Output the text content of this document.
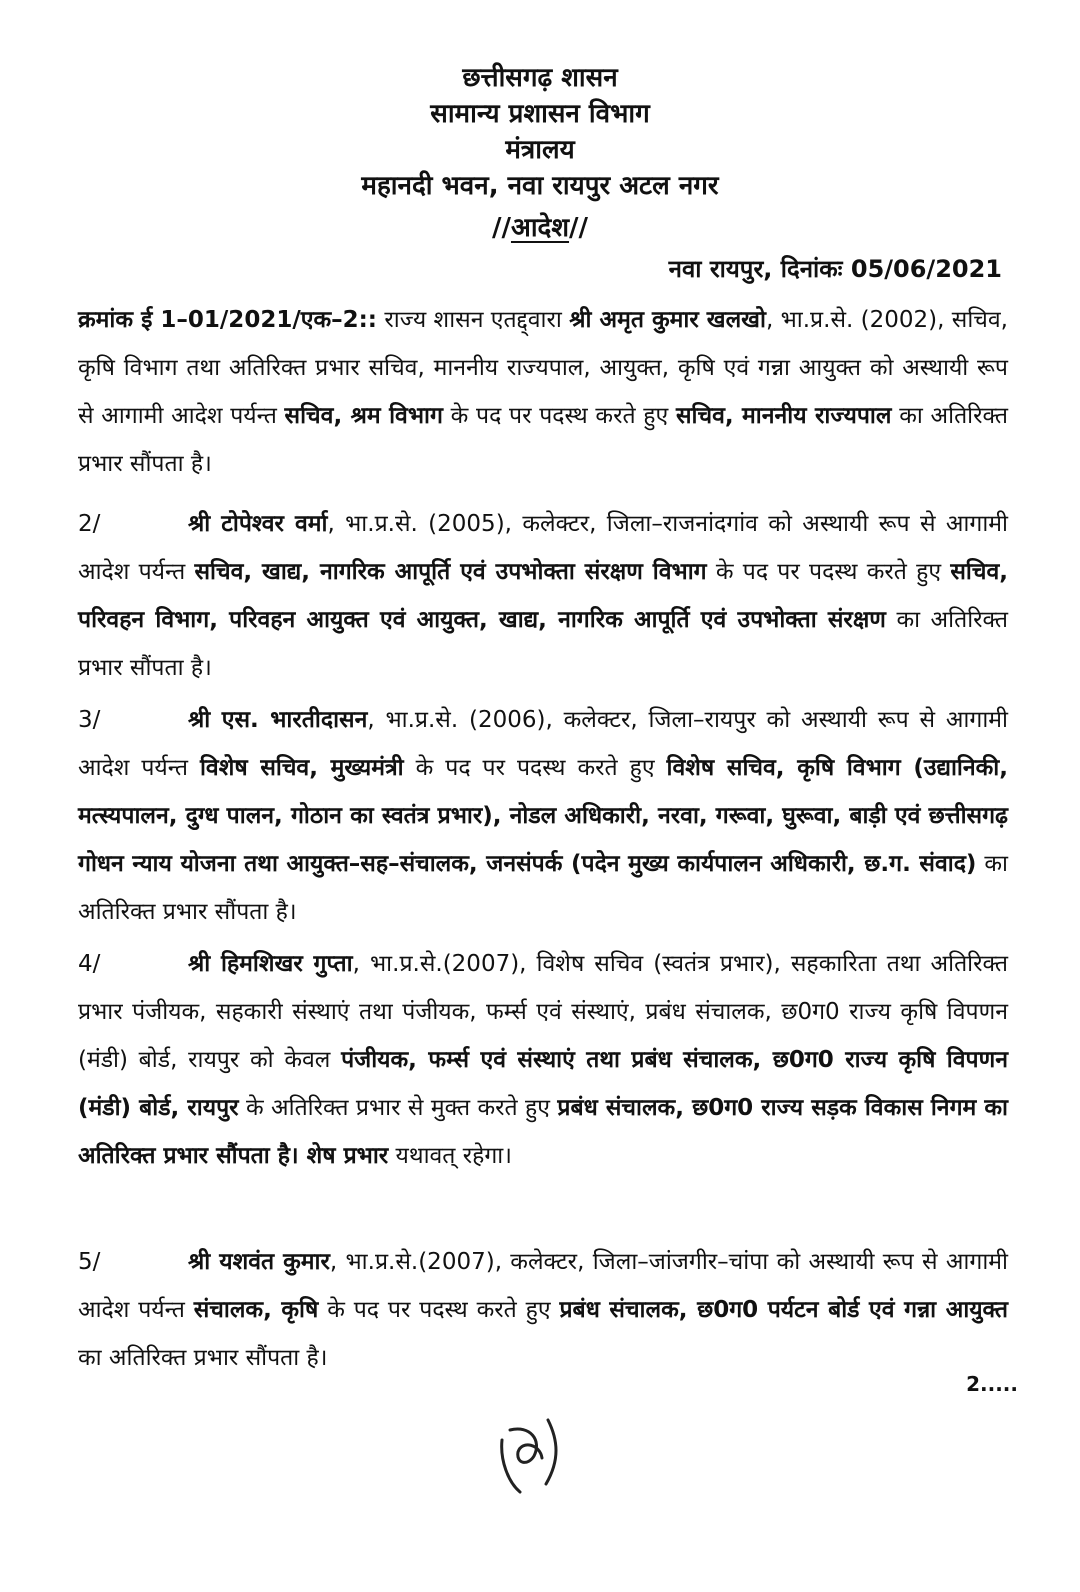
छत्तीसगढ़ शासन
सामान्य प्रशासन विभाग
मंत्रालय
महानदी भवन, नवा रायपुर अटल नगर
//आदेश//
नवा रायपुर, दिनांकः 05/06/2021

क्रमांक ई 1–01/2021/एक–2:: राज्य शासन एतद्द्वारा श्री अमृत कुमार खलखो, भा.प्र.से. (2002), सचिव, कृषि विभाग तथा अतिरिक्त प्रभार सचिव, माननीय राज्यपाल, आयुक्त, कृषि एवं गन्ना आयुक्त को अस्थायी रूप से आगामी आदेश पर्यन्त सचिव, श्रम विभाग के पद पर पदस्थ करते हुए सचिव, माननीय राज्यपाल का अतिरिक्त प्रभार सौंपता है।

2/	श्री टोपेश्वर वर्मा, भा.प्र.से. (2005), कलेक्टर, जिला–राजनांदगांव को अस्थायी रूप से आगामी आदेश पर्यन्त सचिव, खाद्य, नागरिक आपूर्ति एवं उपभोक्ता संरक्षण विभाग के पद पर पदस्थ करते हुए सचिव, परिवहन विभाग, परिवहन आयुक्त एवं आयुक्त, खाद्य, नागरिक आपूर्ति एवं उपभोक्ता संरक्षण का अतिरिक्त प्रभार सौंपता है।

3/	श्री एस. भारतीदासन, भा.प्र.से. (2006), कलेक्टर, जिला–रायपुर को अस्थायी रूप से आगामी आदेश पर्यन्त विशेष सचिव, मुख्यमंत्री के पद पर पदस्थ करते हुए विशेष सचिव, कृषि विभाग (उद्यानिकी, मत्स्यपालन, दुग्ध पालन, गोठान का स्वतंत्र प्रभार), नोडल अधिकारी, नरवा, गरूवा, घुरूवा, बाड़ी एवं छत्तीसगढ़ गोधन न्याय योजना तथा आयुक्त–सह–संचालक, जनसंपर्क (पदेन मुख्य कार्यपालन अधिकारी, छ.ग. संवाद) का अतिरिक्त प्रभार सौंपता है।

4/	श्री हिमशिखर गुप्ता, भा.प्र.से.(2007), विशेष सचिव (स्वतंत्र प्रभार), सहकारिता तथा अतिरिक्त प्रभार पंजीयक, सहकारी संस्थाएं तथा पंजीयक, फर्म्स एवं संस्थाएं, प्रबंध संचालक, छ0ग0 राज्य कृषि विपणन (मंडी) बोर्ड, रायपुर को केवल पंजीयक, फर्म्स एवं संस्थाएं तथा प्रबंध संचालक, छ0ग0 राज्य कृषि विपणन (मंडी) बोर्ड, रायपुर के अतिरिक्त प्रभार से मुक्त करते हुए प्रबंध संचालक, छ0ग0 राज्य सड़क विकास निगम का अतिरिक्त प्रभार सौंपता है। शेष प्रभार यथावत् रहेगा।

5/	श्री यशवंत कुमार, भा.प्र.से.(2007), कलेक्टर, जिला–जांजगीर–चांपा को अस्थायी रूप से आगामी आदेश पर्यन्त संचालक, कृषि के पद पर पदस्थ करते हुए प्रबंध संचालक, छ0ग0 पर्यटन बोर्ड एवं गन्ना आयुक्त का अतिरिक्त प्रभार सौंपता है।

2.....
